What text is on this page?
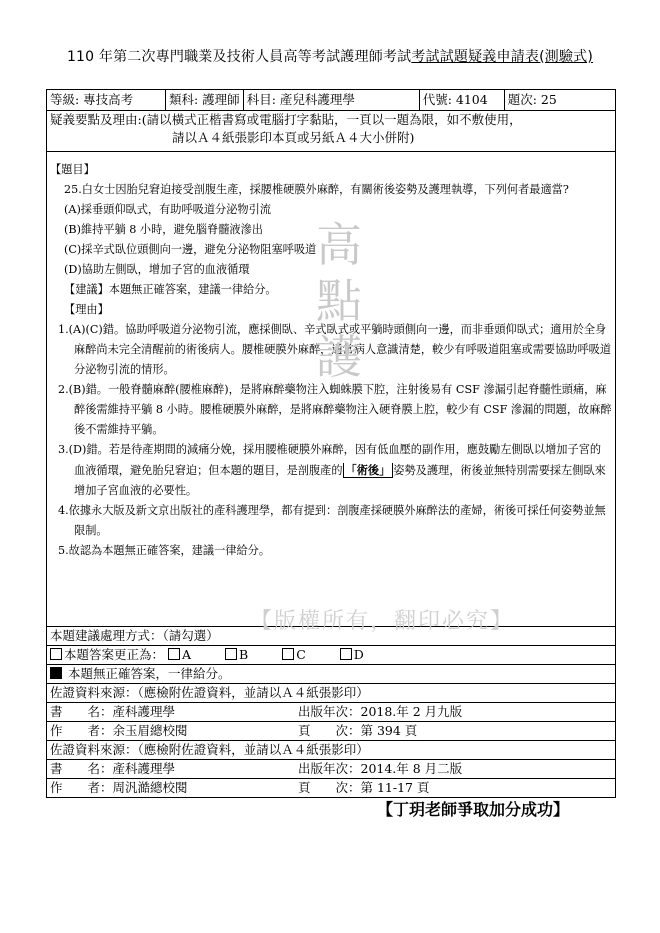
110 年第二次專門職業及技術人員高等考試護理師考試考試試題疑義申請表(測驗式)
等級: 專技高考	類科: 護理師	科目: 產兒科護理學	代號: 4104	題次: 25

疑義要點及理由:(請以橫式正楷書寫或電腦打字黏貼，一頁以一題為限，如不敷使用，
請以Ａ４紙張影印本頁或另紙Ａ４大小併附)

高
點
護

【題目】

25.白女士因胎兒窘迫接受剖腹生產，採腰椎硬膜外麻醉，有關術後姿勢及護理執導，下列何者最適當?

(A)採垂頭仰臥式，有助呼吸道分泌物引流

(B)維持平躺 8 小時，避免腦脊髓液滲出

(C)採辛式臥位頭側向一邊，避免分泌物阻塞呼吸道

(D)協助左側臥，增加子宮的血液循環

【建議】本題無正確答案，建議一律給分。

【理由】

1.(A)(C)錯。協助呼吸道分泌物引流，應採側臥、辛式臥式或平躺時頭側向一邊，而非垂頭仰臥式；適用於全身麻醉尚未完全清醒前的術後病人。腰椎硬膜外麻醉，通常病人意識清楚，較少有呼吸道阻塞或需要協助呼吸道分泌物引流的情形。

2.(B)錯。一般脊髓麻醉(腰椎麻醉)，是將麻醉藥物注入蜘蛛膜下腔，注射後易有 CSF 滲漏引起脊髓性頭痛，麻醉後需維持平躺 8 小時。腰椎硬膜外麻醉，是將麻醉藥物注入硬脊膜上腔，較少有 CSF 滲漏的問題，故麻醉後不需維持平躺。

3.(D)錯。若是待產期間的減痛分娩，採用腰椎硬膜外麻醉，因有低血壓的副作用，應鼓勵左側臥以增加子宮的血液循環，避免胎兒窘迫；但本題的題目，是剖腹產的 「術後」 姿勢及護理，術後並無特別需要採左側臥來增加子宮血液的必要性。

4.依據永大版及新文京出版社的產科護理學，都有提到：剖腹產採硬膜外麻醉法的產婦，術後可採任何姿勢並無限制。

5.故認為本題無正確答案，建議一律給分。

本題建議處理方式：（請勾選）
本題答案更正為： A	B	C	D
本題無正確答案，一律給分。
佐證資料來源：（應檢附佐證資料，並請以Ａ４紙張影印）
書　　名：產科護理學	出版年次：2018.年 2 月九版
作　　者：余玉眉總校閱	頁　　次：第 394 頁
佐證資料來源：（應檢附佐證資料，並請以Ａ４紙張影印）
書　　名：產科護理學	出版年次：2014.年 8 月二版
作　　者：周汎澔總校閱	頁　　次：第 11-17 頁
【版權所有，翻印必究】
【丁玥老師爭取加分成功】
